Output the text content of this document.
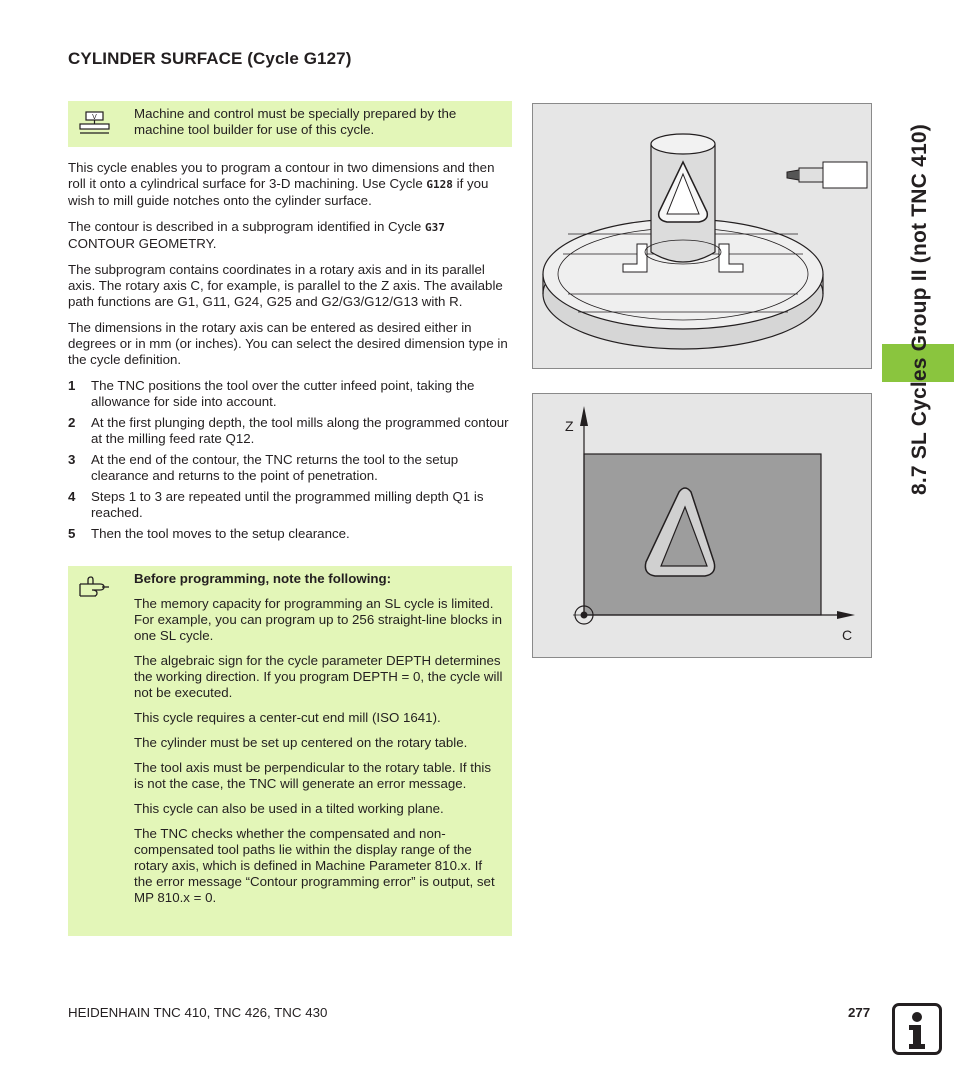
CYLINDER SURFACE (Cycle G127)
V	Machine and control must be specially prepared by the machine tool builder for use of this cycle.

This cycle enables you to program a contour in two dimensions and then roll it onto a cylindrical surface for 3-D machining. Use Cycle G128 if you wish to mill guide notches onto the cylinder surface.

The contour is described in a subprogram identified in Cycle G37 CONTOUR GEOMETRY.

The subprogram contains coordinates in a rotary axis and in its parallel axis. The rotary axis C, for example, is parallel to the Z axis. The available path functions are G1, G11, G24, G25 and G2/G3/G12/G13 with R.

The dimensions in the rotary axis can be entered as desired either in degrees or in mm (or inches). You can select the desired dimension type in the cycle definition.

1 The TNC positions the tool over the cutter infeed point, taking the allowance for side into account.
2 At the first plunging depth, the tool mills along the programmed contour at the milling feed rate Q12.
3 At the end of the contour, the TNC returns the tool to the setup clearance and returns to the point of penetration.
4 Steps 1 to 3 are repeated until the programmed milling depth Q1 is reached.
5 Then the tool moves to the setup clearance.

Before programming, note the following:

The memory capacity for programming an SL cycle is limited. For example, you can program up to 256 straight-line blocks in one SL cycle.

The algebraic sign for the cycle parameter DEPTH determines the working direction. If you program DEPTH = 0, the cycle will not be executed.

This cycle requires a center-cut end mill (ISO 1641).

The cylinder must be set up centered on the rotary table.

The tool axis must be perpendicular to the rotary table. If this is not the case, the TNC will generate an error message.

This cycle can also be used in a tilted working plane.

The TNC checks whether the compensated and non-compensated tool paths lie within the display range of the rotary axis, which is defined in Machine Parameter 810.x. If the error message “Contour programming error” is output, set MP 810.x = 0.

Z
C
8.7 SL Cycles Group II (not TNC 410)
HEIDENHAIN TNC 410, TNC 426, TNC 430	277
